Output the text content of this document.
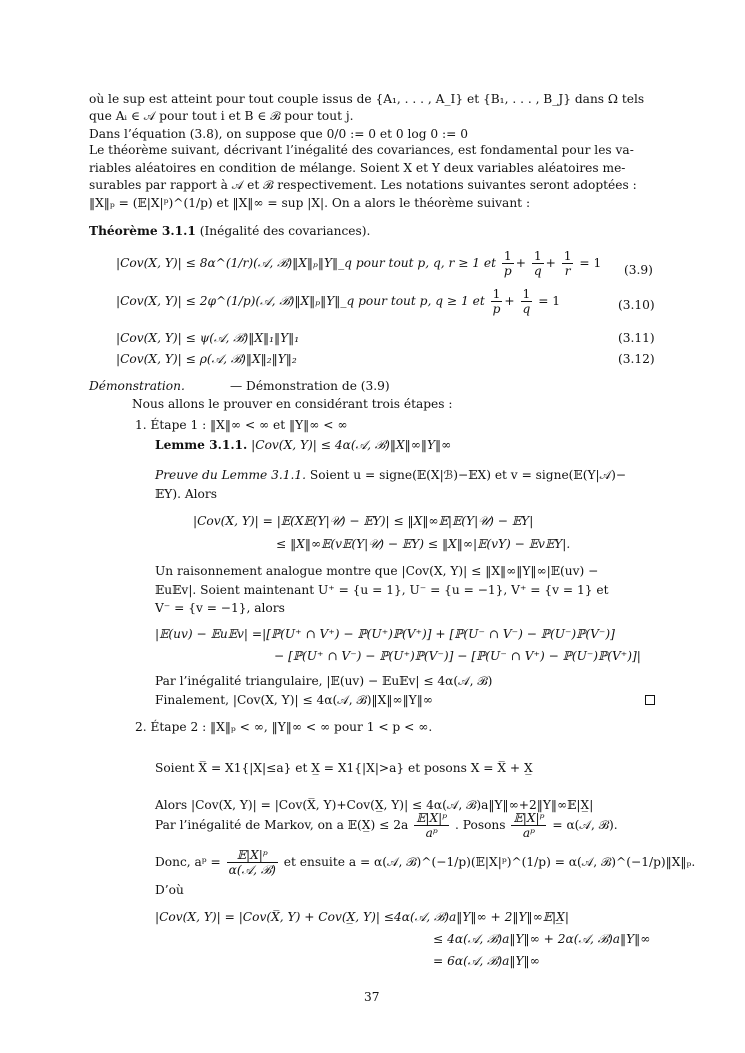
où le sup est atteint pour tout couple issus de {A₁, . . . , A_I} et {B₁, . . . , B_J} dans Ω tels
que Aᵢ ∈ 𝒜 pour tout i et B ∈ ℬ pour tout j.
Dans l’équation (3.8), on suppose que 0/0 := 0 et 0 log 0 := 0
Le théorème suivant, décrivant l’inégalité des covariances, est fondamental pour les va-
riables aléatoires en condition de mélange. Soient X et Y deux variables aléatoires me-
surables par rapport à 𝒜 et ℬ respectivement. Les notations suivantes seront adoptées :
‖X‖ₚ = (𝔼|X|ᵖ)^(1/p) et ‖X‖∞ = sup |X|. On a alors le théorème suivant :
Théorème 3.1.1 (Inégalité des covariances).
|Cov(X, Y)| ≤ 8α^(1/r)(𝒜, ℬ)‖X‖ₚ‖Y‖_q pour tout p, q, r ≥ 1 et $\frac{1}{p} + \frac{1}{q} + \frac{1}{r} = 1$ (3.9)
|Cov(X, Y)| ≤ 2φ^(1/p)(𝒜, ℬ)‖X‖ₚ‖Y‖_q pour tout p, q ≥ 1 et $\frac{1}{p} + \frac{1}{q} = 1$	(3.10)
|Cov(X, Y)| ≤ ψ(𝒜, ℬ)‖X‖₁‖Y‖₁	(3.11)
|Cov(X, Y)| ≤ ρ(𝒜, ℬ)‖X‖₂‖Y‖₂	(3.12)
Démonstration.	— Démonstration de (3.9)
Nous allons le prouver en considérant trois étapes :
1. Étape 1 : ‖X‖∞ < ∞ et ‖Y‖∞ < ∞
Lemme 3.1.1. |Cov(X, Y)| ≤ 4α(𝒜, ℬ)‖X‖∞‖Y‖∞
Preuve du Lemme 3.1.1. Soient u = signe(𝔼(X|ℬ)−𝔼X) et v = signe(𝔼(Y|𝒜)−
𝔼Y). Alors
|Cov(X, Y)| = |𝔼(X𝔼(Y|𝒰) − 𝔼Y)| ≤ ‖X‖∞𝔼|𝔼(Y|𝒰) − 𝔼Y|
≤ ‖X‖∞𝔼(v𝔼(Y|𝒰) − 𝔼Y) ≤ ‖X‖∞|𝔼(vY) − 𝔼v𝔼Y|.
Un raisonnement analogue montre que |Cov(X, Y)| ≤ ‖X‖∞‖Y‖∞|𝔼(uv) −
𝔼u𝔼v|. Soient maintenant U⁺ = {u = 1}, U⁻ = {u = −1}, V⁺ = {v = 1} et
V⁻ = {v = −1}, alors
|𝔼(uv) − 𝔼u𝔼v| =|[ℙ(U⁺ ∩ V⁺) − ℙ(U⁺)ℙ(V⁺)] + [ℙ(U⁻ ∩ V⁻) − ℙ(U⁻)ℙ(V⁻)]
− [ℙ(U⁺ ∩ V⁻) − ℙ(U⁺)ℙ(V⁻)] − [ℙ(U⁻ ∩ V⁺) − ℙ(U⁻)ℙ(V⁺)]|
Par l’inégalité triangulaire, |𝔼(uv) − 𝔼u𝔼v| ≤ 4α(𝒜, ℬ)
Finalement, |Cov(X, Y)| ≤ 4α(𝒜, ℬ)‖X‖∞‖Y‖∞
2. Étape 2 : ‖X‖ₚ < ∞, ‖Y‖∞ < ∞ pour 1 < p < ∞.
Soient X̅ = X1{|X|≤a} et X̲ = X1{|X|>a} et posons X = X̅ + X̲
Alors |Cov(X, Y)| = |Cov(X̅, Y)+Cov(X̲, Y)| ≤ 4α(𝒜, ℬ)a‖Y‖∞+2‖Y‖∞𝔼|X̲|
Par l’inégalité de Markov, on a 𝔼(X̲) ≤ $2a \frac{\text{𝔼|X|ᵖ}}{\text{aᵖ}}$ . Posons $\frac{\text{𝔼|X|ᵖ}}{\text{aᵖ}}$ = α(𝒜, ℬ).
Donc, aᵖ = $\frac{\text{𝔼|X|ᵖ}}{\text{α(𝒜, ℬ)}}$ et ensuite a = α(𝒜, ℬ)^(−1/p)(𝔼|X|ᵖ)^(1/p) = α(𝒜, ℬ)^(−1/p)‖X‖ₚ.
D’où
|Cov(X, Y)| = |Cov(X̅, Y) + Cov(X̲, Y)| ≤4α(𝒜, ℬ)a‖Y‖∞ + 2‖Y‖∞𝔼|X̲|
≤ 4α(𝒜, ℬ)a‖Y‖∞ + 2α(𝒜, ℬ)a‖Y‖∞
= 6α(𝒜, ℬ)a‖Y‖∞
37
